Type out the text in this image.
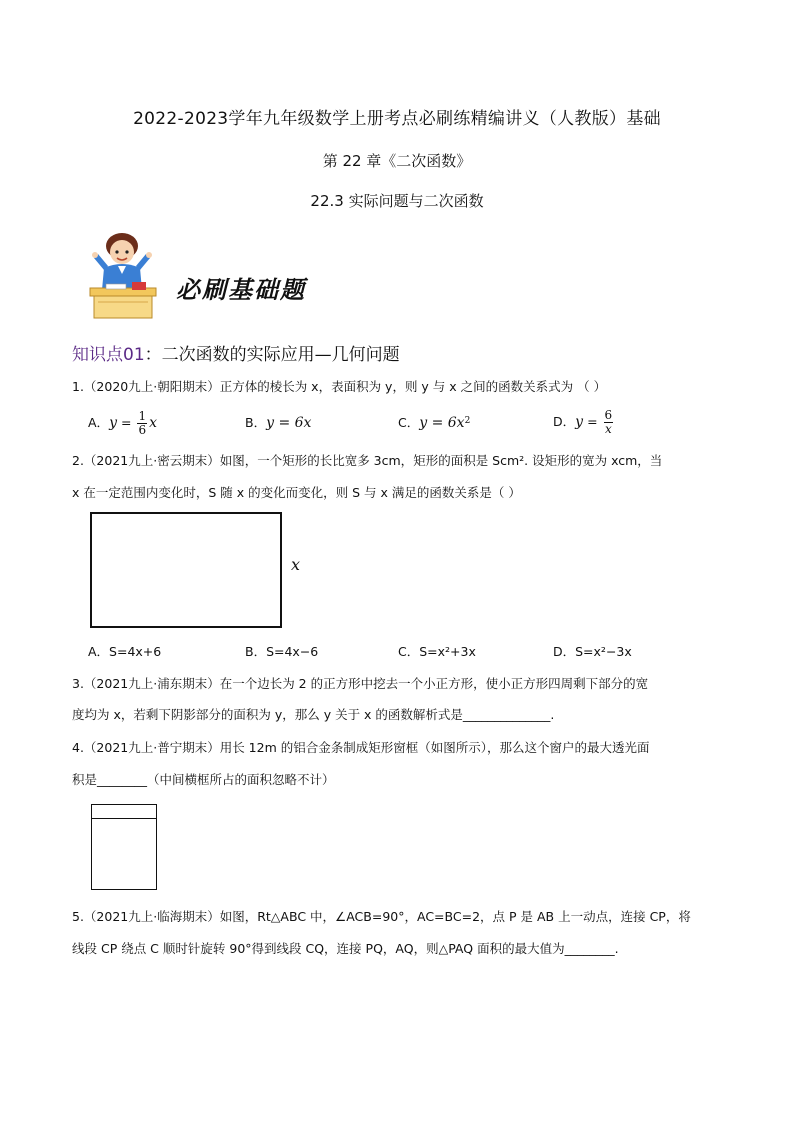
2022-2023学年九年级数学上册考点必刷练精编讲义（人教版）基础
第 22 章《二次函数》
22.3 实际问题与二次函数
必刷基础题
知识点01：二次函数的实际应用—几何问题
1.（2020九上·朝阳期末）正方体的棱长为 x，表面积为 y，则 y 与 x 之间的函数关系式为 （ ）
A． $y = \frac{1}{6}$ x	B． y = 6x	C． y = 6x 2	D． $y = \frac{6}{x}$
2.（2021九上·密云期末）如图，一个矩形的长比宽多 3cm，矩形的面积是 Scm². 设矩形的宽为 xcm，当
x 在一定范围内变化时，S 随 x 的变化而变化，则 S 与 x 满足的函数关系是（ ）
x
A．S=4x+6	B．S=4x−6	C．S=x²+3x	D．S=x²−3x
3.（2021九上·浦东期末）在一个边长为 2 的正方形中挖去一个小正方形，使小正方形四周剩下部分的宽
度均为 x，若剩下阴影部分的面积为 y，那么 y 关于 x 的函数解析式是______________.
4.（2021九上·普宁期末）用长 12m 的铝合金条制成矩形窗框（如图所示），那么这个窗户的最大透光面
积是________（中间横框所占的面积忽略不计）
5.（2021九上·临海期末）如图，Rt△ABC 中，∠ACB=90°，AC=BC=2，点 P 是 AB 上一动点，连接 CP，将
线段 CP 绕点 C 顺时针旋转 90°得到线段 CQ，连接 PQ，AQ，则△PAQ 面积的最大值为________.
